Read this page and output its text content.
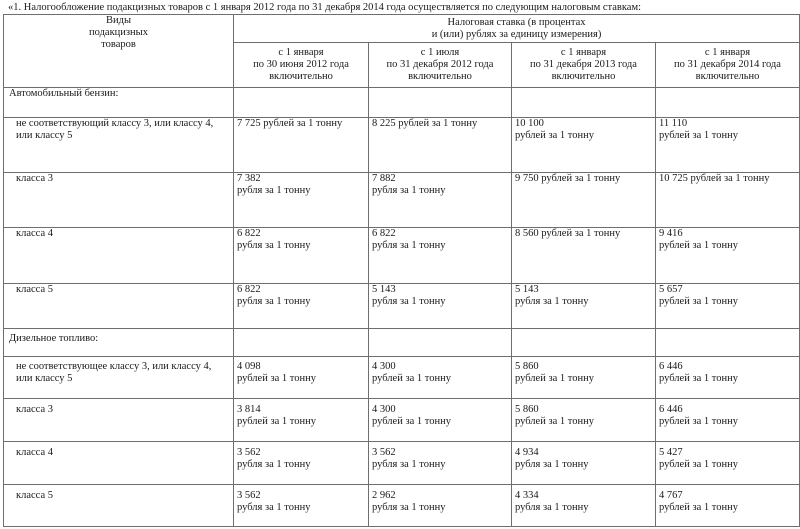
«1. Налогообложение подакцизных товаров с 1 января 2012 года по 31 декабря 2014 года осуществляется по следующим налоговым ставкам:
Виды
подакцизных
товаров	Налоговая ставка (в процентах
и (или) рублях за единицу измерения)			

	с 1 января
по 30 июня 2012 года
включительно	с 1 июля
по 31 декабря 2012 года
включительно	с 1 января
по 31 декабря 2013 года
включительно	с 1 января
по 31 декабря 2014 года
включительно

Автомобильный бензин:				

не соответствующий классу 3, или классу 4,
или классу 5	7 725 рублей за 1 тонну	8 225 рублей за 1 тонну	10 100
рублей за 1 тонну	11 110
рублей за 1 тонну

класса 3	7 382
рубля за 1 тонну	7 882
рубля за 1 тонну	9 750 рублей за 1 тонну	10 725 рублей за 1 тонну

класса 4	6 822
рубля за 1 тонну	6 822
рубля за 1 тонну	8 560 рублей за 1 тонну	9 416
рублей за 1 тонну

класса 5	6 822
рубля за 1 тонну	5 143
рубля за 1 тонну	5 143
рубля за 1 тонну	5 657
рублей за 1 тонну

Дизельное топливо:				

не соответствующее классу 3, или классу 4,
или классу 5	4 098
рублей за 1 тонну	4 300
рублей за 1 тонну	5 860
рублей за 1 тонну	6 446
рублей за 1 тонну

класса 3	3 814
рублей за 1 тонну	4 300
рублей за 1 тонну	5 860
рублей за 1 тонну	6 446
рублей за 1 тонну

класса 4	3 562
рубля за 1 тонну	3 562
рубля за 1 тонну	4 934
рубля за 1 тонну	5 427
рублей за 1 тонну

класса 5	3 562
рубля за 1 тонну	2 962
рубля за 1 тонну	4 334
рубля за 1 тонну	4 767
рублей за 1 тонну
